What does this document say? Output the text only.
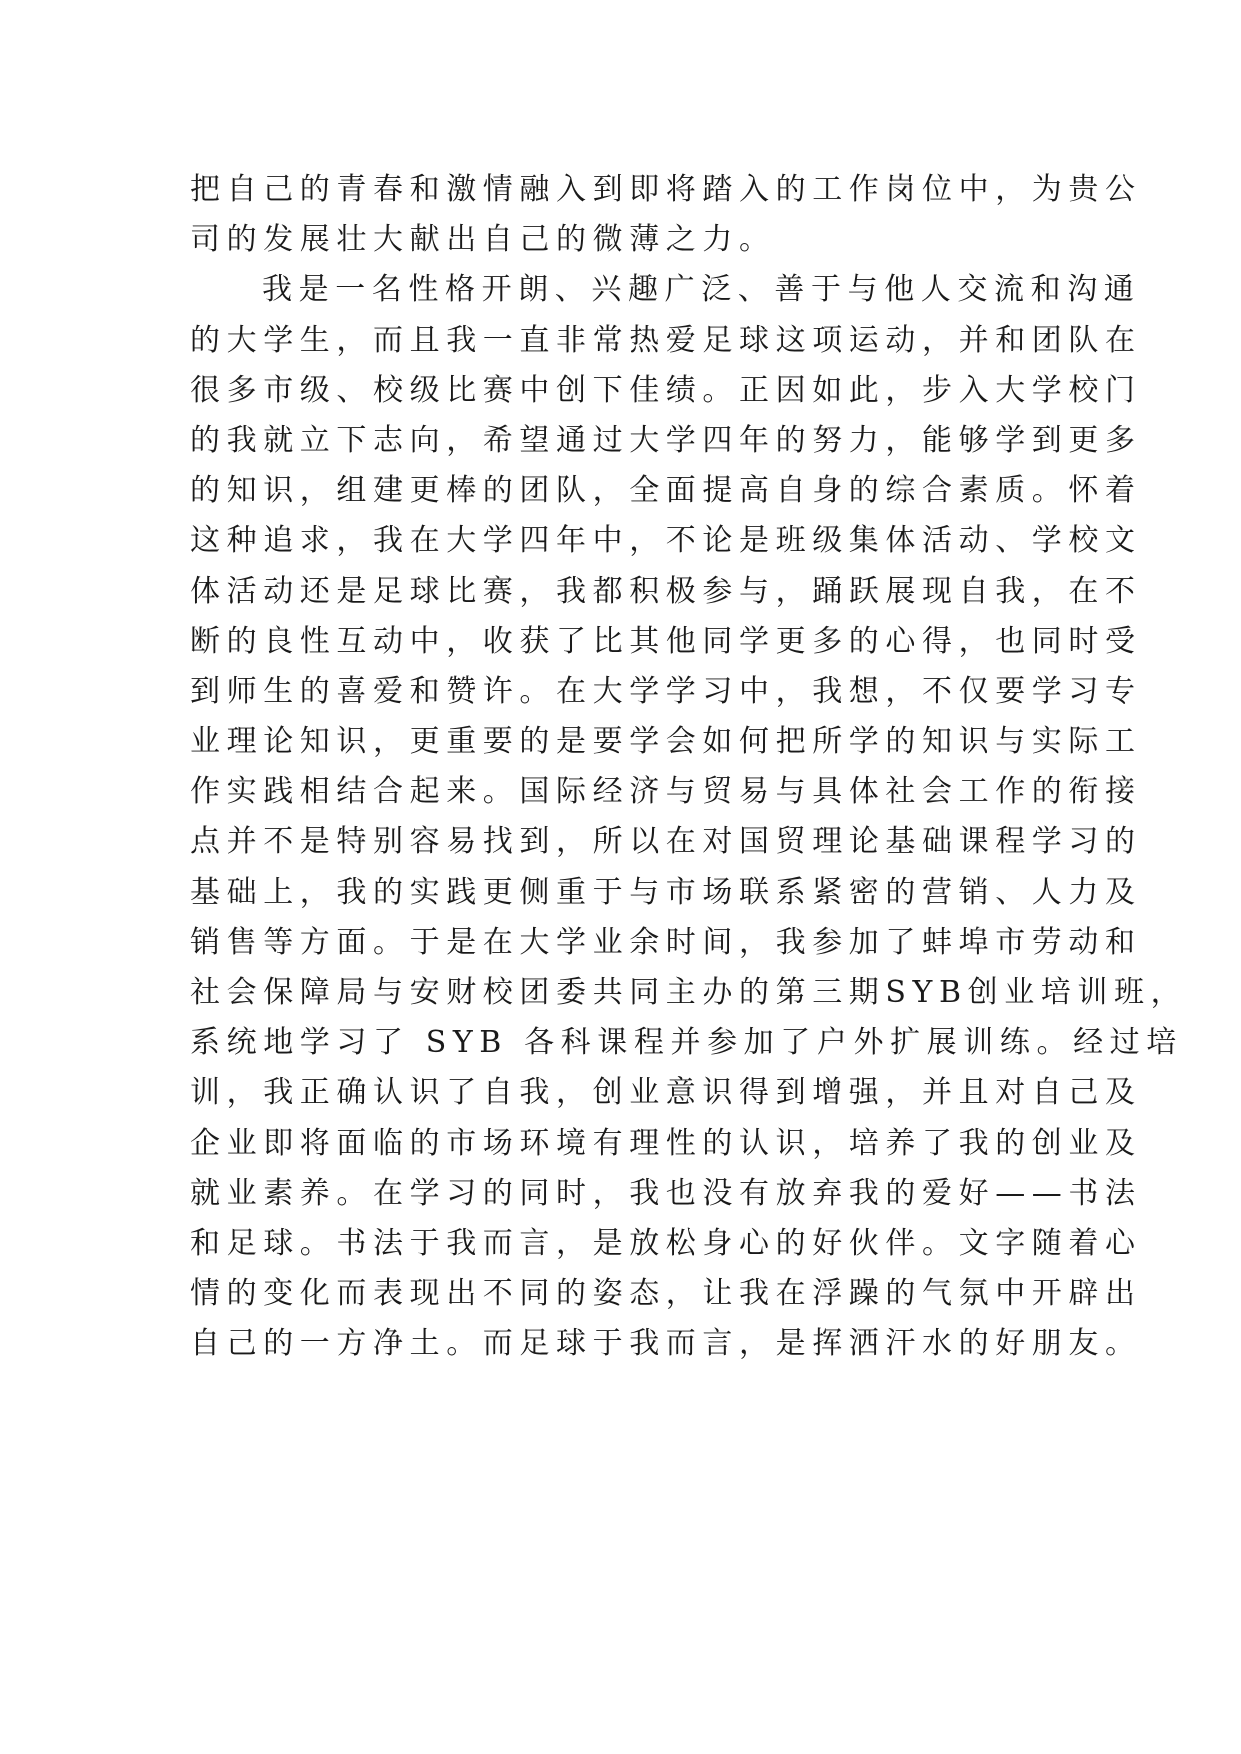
把自己的青春和激情融入到即将踏入的工作岗位中，为贵公
司的发展壮大献出自己的微薄之力。
我是一名性格开朗、兴趣广泛、善于与他人交流和沟通
的大学生，而且我一直非常热爱足球这项运动，并和团队在
很多市级、校级比赛中创下佳绩。正因如此，步入大学校门
的我就立下志向，希望通过大学四年的努力，能够学到更多
的知识，组建更棒的团队，全面提高自身的综合素质。怀着
这种追求，我在大学四年中，不论是班级集体活动、学校文
体活动还是足球比赛，我都积极参与，踊跃展现自我，在不
断的良性互动中，收获了比其他同学更多的心得，也同时受
到师生的喜爱和赞许。在大学学习中，我想，不仅要学习专
业理论知识，更重要的是要学会如何把所学的知识与实际工
作实践相结合起来。国际经济与贸易与具体社会工作的衔接
点并不是特别容易找到，所以在对国贸理论基础课程学习的
基础上，我的实践更侧重于与市场联系紧密的营销、人力及
销售等方面。于是在大学业余时间，我参加了蚌埠市劳动和
社会保障局与安财校团委共同主办的第三期SYB创业培训班，
系统地学习了 SYB 各科课程并参加了户外扩展训练。经过培
训，我正确认识了自我，创业意识得到增强，并且对自己及
企业即将面临的市场环境有理性的认识，培养了我的创业及
就业素养。在学习的同时，我也没有放弃我的爱好——书法
和足球。书法于我而言，是放松身心的好伙伴。文字随着心
情的变化而表现出不同的姿态，让我在浮躁的气氛中开辟出
自己的一方净土。而足球于我而言，是挥洒汗水的好朋友。
